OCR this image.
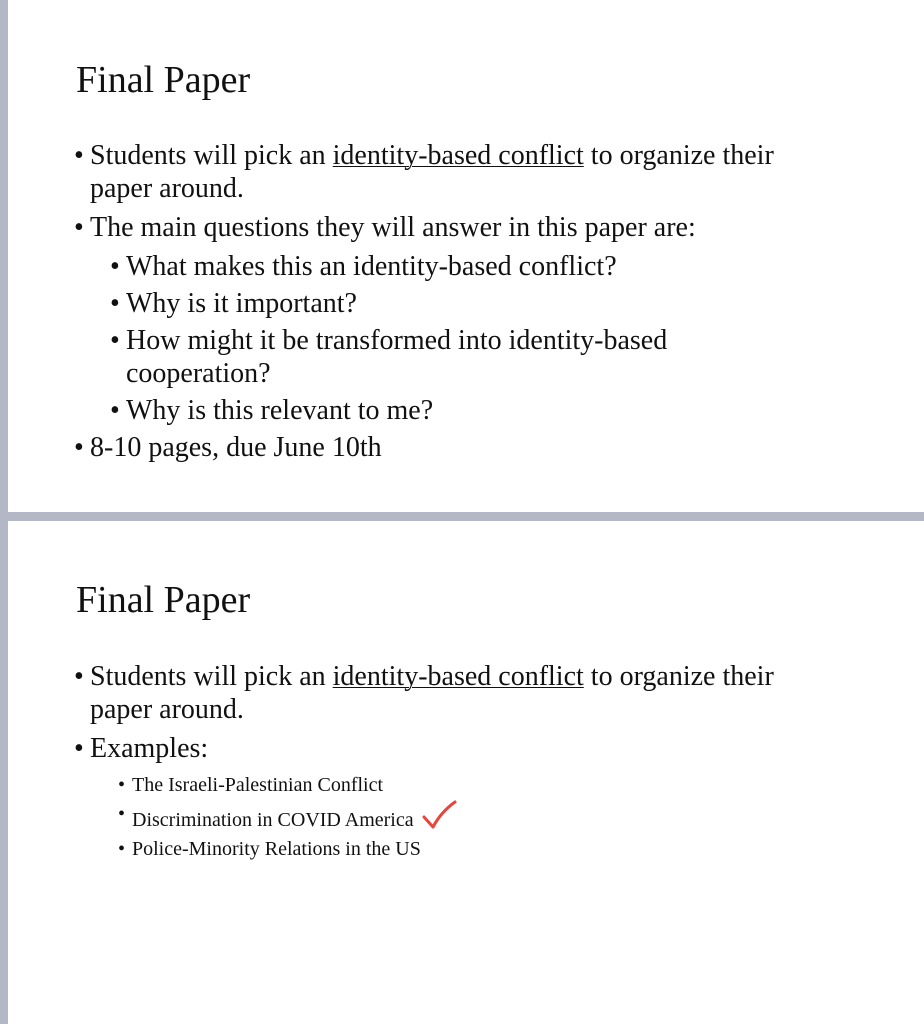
Final Paper
• Students will pick an identity-based conflict to organize their
paper around.
• The main questions they will answer in this paper are:
• What makes this an identity-based conflict?
• Why is it important?
• How might it be transformed into identity-based
cooperation?
• Why is this relevant to me?
• 8-10 pages, due June 10th
Final Paper
• Students will pick an identity-based conflict to organize their
paper around.
• Examples:
• The Israeli-Palestinian Conflict
• Discrimination in COVID America
• Police-Minority Relations in the US
